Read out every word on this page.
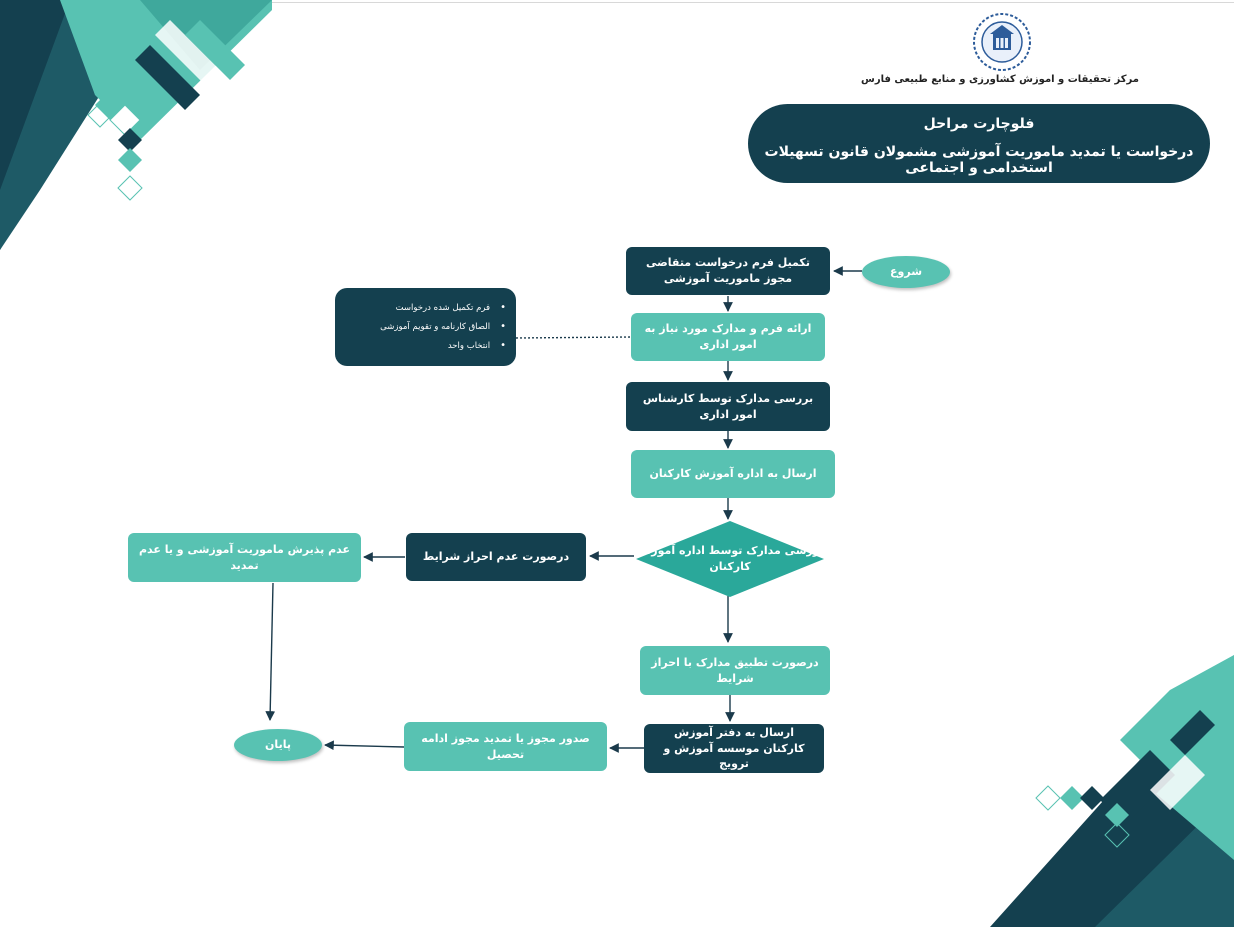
مرکز تحقیقات و اموزش کشاورزی و منابع طبیعی فارس
فلوچارت مراحل
درخواست یا تمدید ماموریت آموزشی مشمولان قانون تسهیلات استخدامی و اجتماعی
شروع
تکمیل فرم درخواست متقاضی مجوز ماموریت آموزشی
ارائه فرم و مدارک مورد نیاز به امور اداری
• فرم تکمیل شده درخواست
• الصاق کارنامه و تقویم آموزشی
• انتخاب واحد
بررسی مدارک توسط کارشناس امور اداری
ارسال به اداره آموزش کارکنان
بررسی مدارک توسط اداره آموزش کارکنان
درصورت عدم احراز شرایط
عدم پذیرش ماموریت آموزشی و یا عدم تمدید
درصورت تطبیق مدارک با احراز شرایط
ارسال به دفتر آموزش کارکنان موسسه آموزش و ترویج
صدور مجوز یا تمدید مجوز ادامه تحصیل
پایان
